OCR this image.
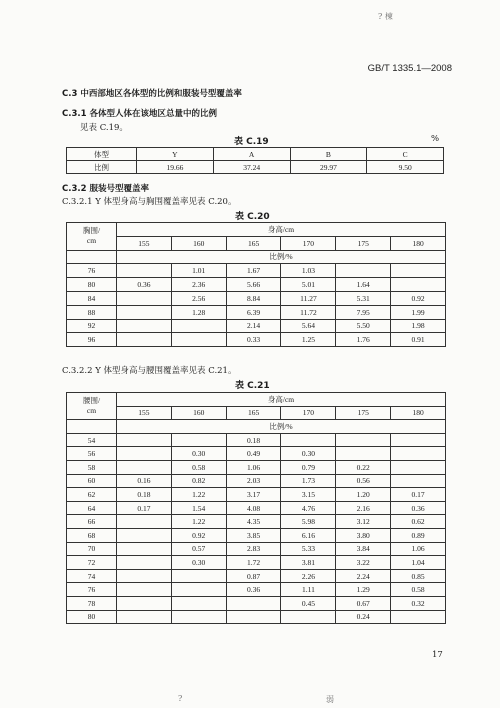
? 楝
GB/T 1335.1—2008
C.3 中西部地区各体型的比例和服装号型覆盖率
C.3.1 各体型人体在该地区总量中的比例
见表 C.19。
表 C.19	%
体型	Y	A	B	C
比例	19.66	37.24	29.97	9.50
C.3.2 服装号型覆盖率
C.3.2.1 Y 体型身高与胸围覆盖率见表 C.20。
表 C.20
胸围/
cm	身高/cm					
	155	160	165	170	175	180
	比例/%					
76		1.01	1.67	1.03		
80	0.36	2.36	5.66	5.01	1.64	
84		2.56	8.84	11.27	5.31	0.92
88		1.28	6.39	11.72	7.95	1.99
92			2.14	5.64	5.50	1.98
96			0.33	1.25	1.76	0.91
C.3.2.2 Y 体型身高与腰围覆盖率见表 C.21。
表 C.21
腰围/
cm	身高/cm					
	155	160	165	170	175	180
	比例/%					
54			0.18			
56		0.30	0.49	0.30		
58		0.58	1.06	0.79	0.22	
60	0.16	0.82	2.03	1.73	0.56	
62	0.18	1.22	3.17	3.15	1.20	0.17
64	0.17	1.54	4.08	4.76	2.16	0.36
66		1.22	4.35	5.98	3.12	0.62
68		0.92	3.85	6.16	3.80	0.89
70		0.57	2.83	5.33	3.84	1.06
72		0.30	1.72	3.81	3.22	1.04
74			0.87	2.26	2.24	0.85
76			0.36	1.11	1.29	0.58
78				0.45	0.67	0.32
80					0.24	
17
?	弱
